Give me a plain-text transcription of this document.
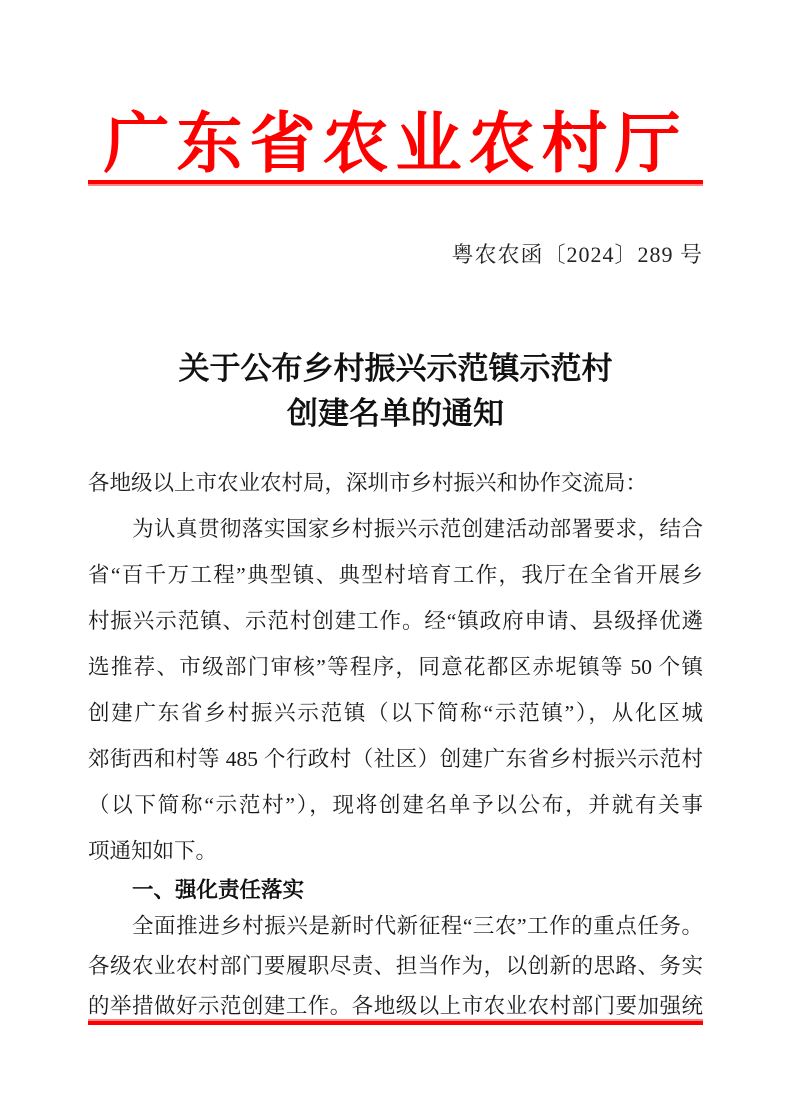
广东省农业农村厅
粤农农函〔2024〕289 号
关于公布乡村振兴示范镇示范村
创建名单的通知
各地级以上市农业农村局，深圳市乡村振兴和协作交流局：
为认真贯彻落实国家乡村振兴示范创建活动部署要求，结合
省“百千万工程”典型镇、典型村培育工作，我厅在全省开展乡
村振兴示范镇、示范村创建工作。经“镇政府申请、县级择优遴
选推荐、市级部门审核”等程序，同意花都区赤坭镇等 50 个镇
创建广东省乡村振兴示范镇（以下简称“示范镇”），从化区城
郊街西和村等 485 个行政村（社区）创建广东省乡村振兴示范村
（以下简称“示范村”），现将创建名单予以公布，并就有关事
项通知如下。
一、强化责任落实
全面推进乡村振兴是新时代新征程“三农”工作的重点任务。
各级农业农村部门要履职尽责、担当作为，以创新的思路、务实
的举措做好示范创建工作。各地级以上市农业农村部门要加强统
